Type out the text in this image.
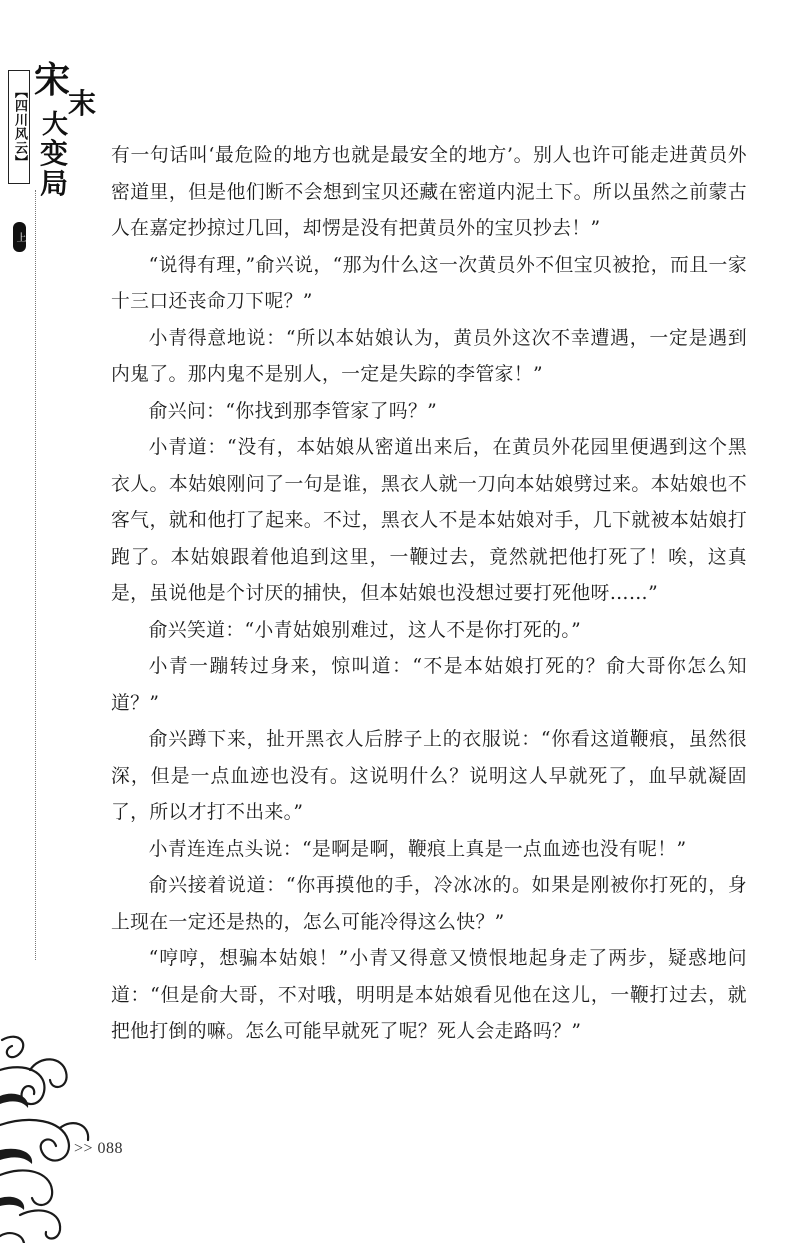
【四川风云】
宋
末
大
变
局
上

有一句话叫‘最危险的地方也就是最安全的地方’。别人也许可能走进黄员外密道里，但是他们断不会想到宝贝还藏在密道内泥土下。所以虽然之前蒙古人在嘉定抄掠过几回，却愣是没有把黄员外的宝贝抄去！”

“说得有理，”俞兴说，“那为什么这一次黄员外不但宝贝被抢，而且一家十三口还丧命刀下呢？”

小青得意地说：“所以本姑娘认为，黄员外这次不幸遭遇，一定是遇到内鬼了。那内鬼不是别人，一定是失踪的李管家！”

俞兴问：“你找到那李管家了吗？”

小青道：“没有，本姑娘从密道出来后，在黄员外花园里便遇到这个黑衣人。本姑娘刚问了一句是谁，黑衣人就一刀向本姑娘劈过来。本姑娘也不客气，就和他打了起来。不过，黑衣人不是本姑娘对手，几下就被本姑娘打跑了。本姑娘跟着他追到这里，一鞭过去，竟然就把他打死了！唉，这真是，虽说他是个讨厌的捕快，但本姑娘也没想过要打死他呀……”

俞兴笑道：“小青姑娘别难过，这人不是你打死的。”

小青一蹦转过身来，惊叫道：“不是本姑娘打死的？俞大哥你怎么知道？”

俞兴蹲下来，扯开黑衣人后脖子上的衣服说：“你看这道鞭痕，虽然很深，但是一点血迹也没有。这说明什么？说明这人早就死了，血早就凝固了，所以才打不出来。”

小青连连点头说：“是啊是啊，鞭痕上真是一点血迹也没有呢！”

俞兴接着说道：“你再摸他的手，冷冰冰的。如果是刚被你打死的，身上现在一定还是热的，怎么可能冷得这么快？”

“哼哼，想骗本姑娘！”小青又得意又愤恨地起身走了两步，疑惑地问道：“但是俞大哥，不对哦，明明是本姑娘看见他在这儿，一鞭打过去，就把他打倒的嘛。怎么可能早就死了呢？死人会走路吗？”

>> 088
